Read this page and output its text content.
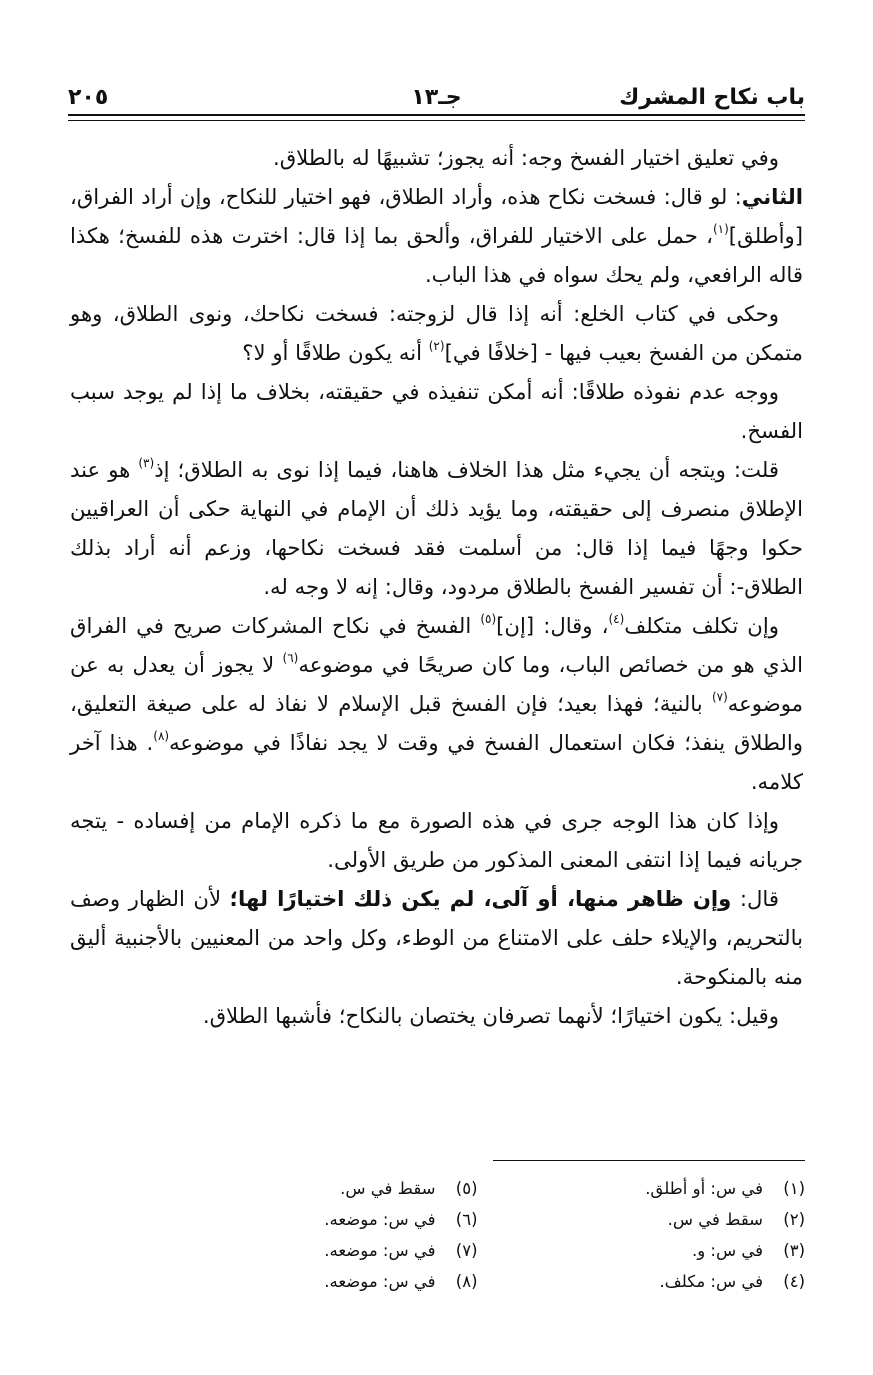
باب نكاح المشرك
جـ١٣
٢٠٥

وفي تعليق اختيار الفسخ وجه: أنه يجوز؛ تشبيهًا له بالطلاق.

الثاني: لو قال: فسخت نكاح هذه، وأراد الطلاق، فهو اختيار للنكاح، وإن أراد الفراق، [وأطلق]$^{(١)}$، حمل على الاختيار للفراق، وألحق بما إذا قال: اخترت هذه للفسخ؛ هكذا قاله الرافعي، ولم يحك سواه في هذا الباب.

وحكى في كتاب الخلع: أنه إذا قال لزوجته: فسخت نكاحك، ونوى الطلاق، وهو متمكن من الفسخ بعيب فيها - [خلافًا في]$^{(٢)}$ أنه يكون طلاقًا أو لا؟

ووجه عدم نفوذه طلاقًا: أنه أمكن تنفيذه في حقيقته، بخلاف ما إذا لم يوجد سبب الفسخ.

قلت: ويتجه أن يجيء مثل هذا الخلاف هاهنا، فيما إذا نوى به الطلاق؛ إذ$^{(٣)}$ هو عند الإطلاق منصرف إلى حقيقته، وما يؤيد ذلك أن الإمام في النهاية حكى أن العراقيين حكوا وجهًا فيما إذا قال: من أسلمت فقد فسخت نكاحها، وزعم أنه أراد بذلك الطلاق-: أن تفسير الفسخ بالطلاق مردود، وقال: إنه لا وجه له.

وإن تكلف متكلف$^{(٤)}$، وقال: [إن]$^{(٥)}$ الفسخ في نكاح المشركات صريح في الفراق الذي هو من خصائص الباب، وما كان صريحًا في موضوعه$^{(٦)}$ لا يجوز أن يعدل به عن موضوعه$^{(٧)}$ بالنية؛ فهذا بعيد؛ فإن الفسخ قبل الإسلام لا نفاذ له على صيغة التعليق، والطلاق ينفذ؛ فكان استعمال الفسخ في وقت لا يجد نفاذًا في موضوعه$^{(٨)}$. هذا آخر كلامه.

وإذا كان هذا الوجه جرى في هذه الصورة مع ما ذكره الإمام من إفساده - يتجه جريانه فيما إذا انتفى المعنى المذكور من طريق الأولى.

قال: وإن ظاهر منها، أو آلى، لم يكن ذلك اختيارًا لها؛ لأن الظهار وصف بالتحريم، والإيلاء حلف على الامتناع من الوطء، وكل واحد من المعنيين بالأجنبية أليق منه بالمنكوحة.

وقيل: يكون اختيارًا؛ لأنهما تصرفان يختصان بالنكاح؛ فأشبها الطلاق.

(١)في س: أو أطلق.
(٢)سقط في س.
(٣)في س: و.
(٤)في س: مكلف.
(٥)سقط في س.
(٦)في س: موضعه.
(٧)في س: موضعه.
(٨)في س: موضعه.
